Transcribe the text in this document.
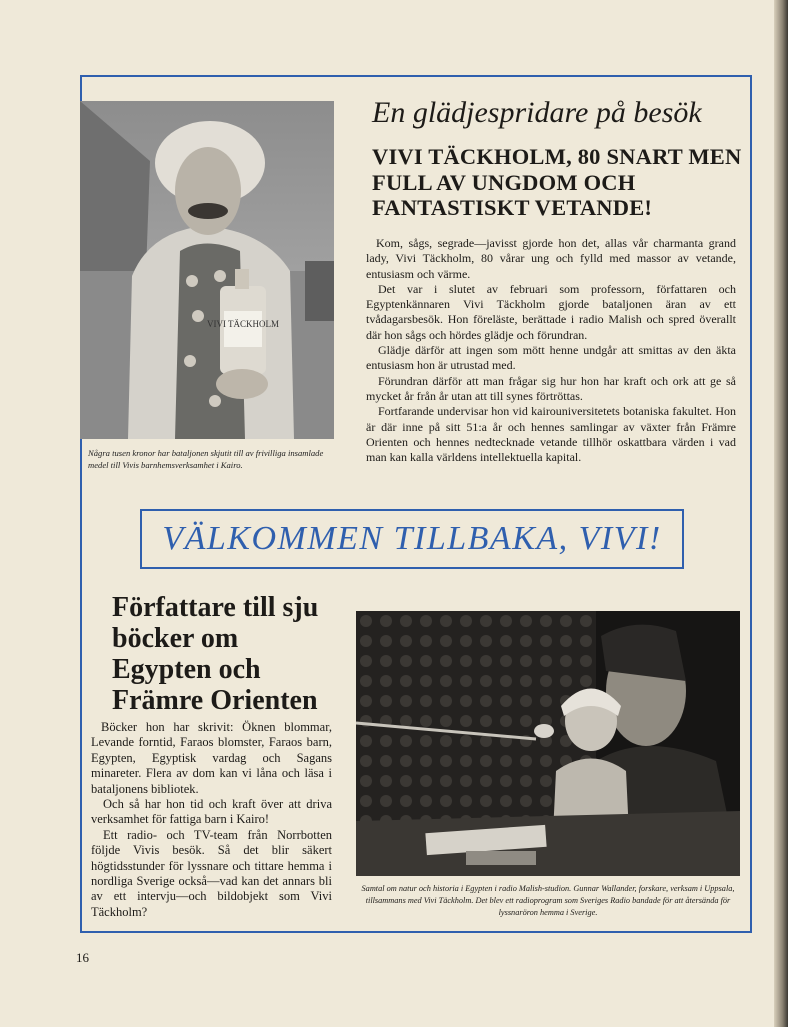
VIVI TÄCKHOLM
Några tusen kronor har bataljonen skjutit till av frivilliga insamlade medel till Vivis barnhemsverksamhet i Kairo.
En glädjespridare på besök
VIVI TÄCKHOLM, 80 SNART MEN FULL AV UNGDOM OCH FANTASTISKT VETANDE!

Kom, sågs, segrade—javisst gjorde hon det, allas vår charmanta grand lady, Vivi Täckholm, 80 vårar ung och fylld med massor av vetande, entusiasm och värme.

Det var i slutet av februari som professorn, författaren och Egyptenkännaren Vivi Täckholm gjorde bataljonen äran av ett tvådagarsbesök. Hon föreläste, berättade i radio Malish och spred överallt där hon sågs och hördes glädje och förundran.

Glädje därför att ingen som mött henne undgår att smittas av den äkta entusiasm hon är utrustad med.

Förundran därför att man frågar sig hur hon har kraft och ork att ge så mycket år från år utan att till synes förtröttas.

Fortfarande undervisar hon vid kairouniversitetets botaniska fakultet. Hon är där inne på sitt 51:a år och hennes samlingar av växter från Främre Orienten och hennes nedtecknade vetande tillhör oskattbara värden i vad man kan kalla världens intellektuella kapital.

VÄLKOMMEN TILLBAKA, VIVI!
Författare till sju böcker om Egypten och Främre Orienten

Böcker hon har skrivit: Öknen blommar, Levande forntid, Faraos blomster, Faraos barn, Egypten, Egyptisk vardag och Sagans minareter. Flera av dom kan vi låna och läsa i bataljonens bibliotek.

Och så har hon tid och kraft över att driva verksamhet för fattiga barn i Kairo!

Ett radio- och TV-team från Norrbotten följde Vivis besök. Så det blir säkert högtidsstunder för lyssnare och tittare hemma i nordliga Sverige också—vad kan det annars bli av ett intervju—och bildobjekt som Vivi Täckholm?

Samtal om natur och historia i Egypten i radio Malish-studion. Gunnar Wallander, forskare, verksam i Uppsala, tillsammans med Vivi Täckholm. Det blev ett radioprogram som Sveriges Radio bandade för att återsända för lyssnaröron hemma i Sverige.
16
